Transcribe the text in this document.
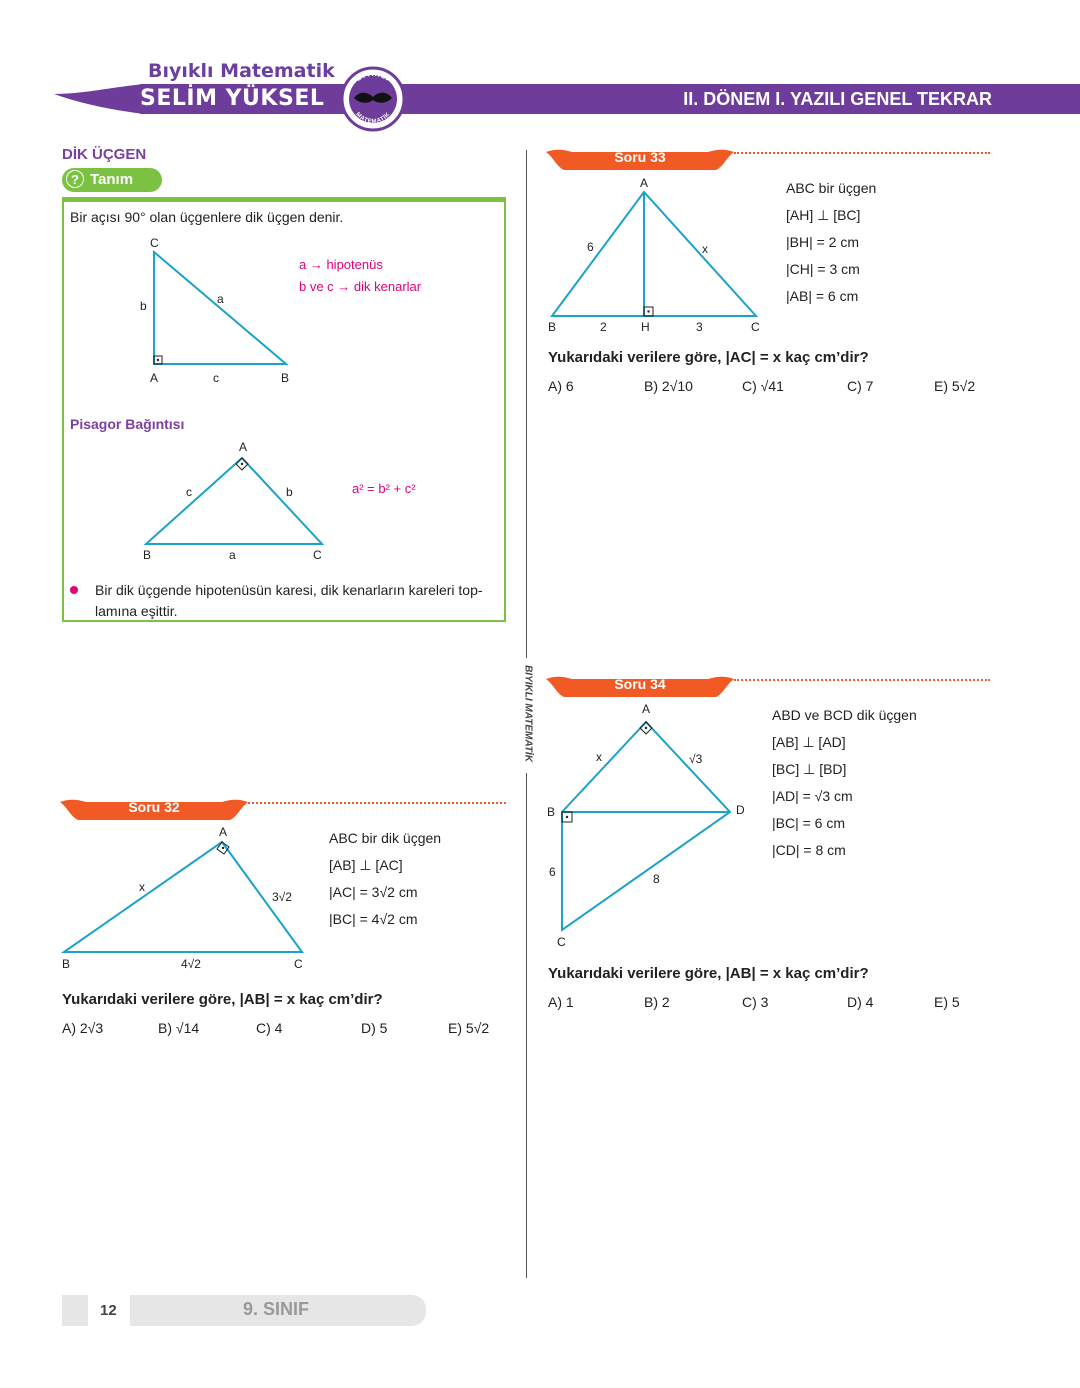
Bıyıklı Matematik
SELİM YÜKSEL	II. DÖNEM I. YAZILI GENEL TEKRAR
BIYIKLI
MATEMATİK
DİK ÜÇGEN
? Tanım
Bir açısı 90° olan üçgenlere dik üçgen denir.
C
A	B
a
b
c
a → hipotenüs
b ve c → dik kenarlar
Pisagor Bağıntısı
A
B	C
c	b
a
a² = b² + c²
Bir dik üçgende hipotenüsün karesi, dik kenarların kareleri top-lamına eşittir.
Soru 32
A
B	C
x
3√2
4√2
ABC bir dik üçgen
[AB] ⊥ [AC]
|AC| = 3√2 cm
|BC| = 4√2 cm
Yukarıdaki verilere göre, |AB| = x kaç cm’dir?
A) 2√3	B) √14	C) 4	D) 5	E) 5√2
BIYIKLI MATEMATİK
Soru 33
A
B	C
H
6	x
2	3
ABC bir üçgen
[AH] ⊥ [BC]
|BH| = 2 cm
|CH| = 3 cm
|AB| = 6 cm
Yukarıdaki verilere göre, |AC| = x kaç cm’dir?
A) 6	B) 2√10	C) √41	C) 7	E) 5√2
Soru 34
A
B
C
D
x	√3
6	8
ABD ve BCD dik üçgen
[AB] ⊥ [AD]
[BC] ⊥ [BD]
|AD| = √3 cm
|BC| = 6 cm
|CD| = 8 cm
Yukarıdaki verilere göre, |AB| = x kaç cm’dir?
A) 1	B) 2	C) 3	D) 4	E) 5
12	9. SINIF
